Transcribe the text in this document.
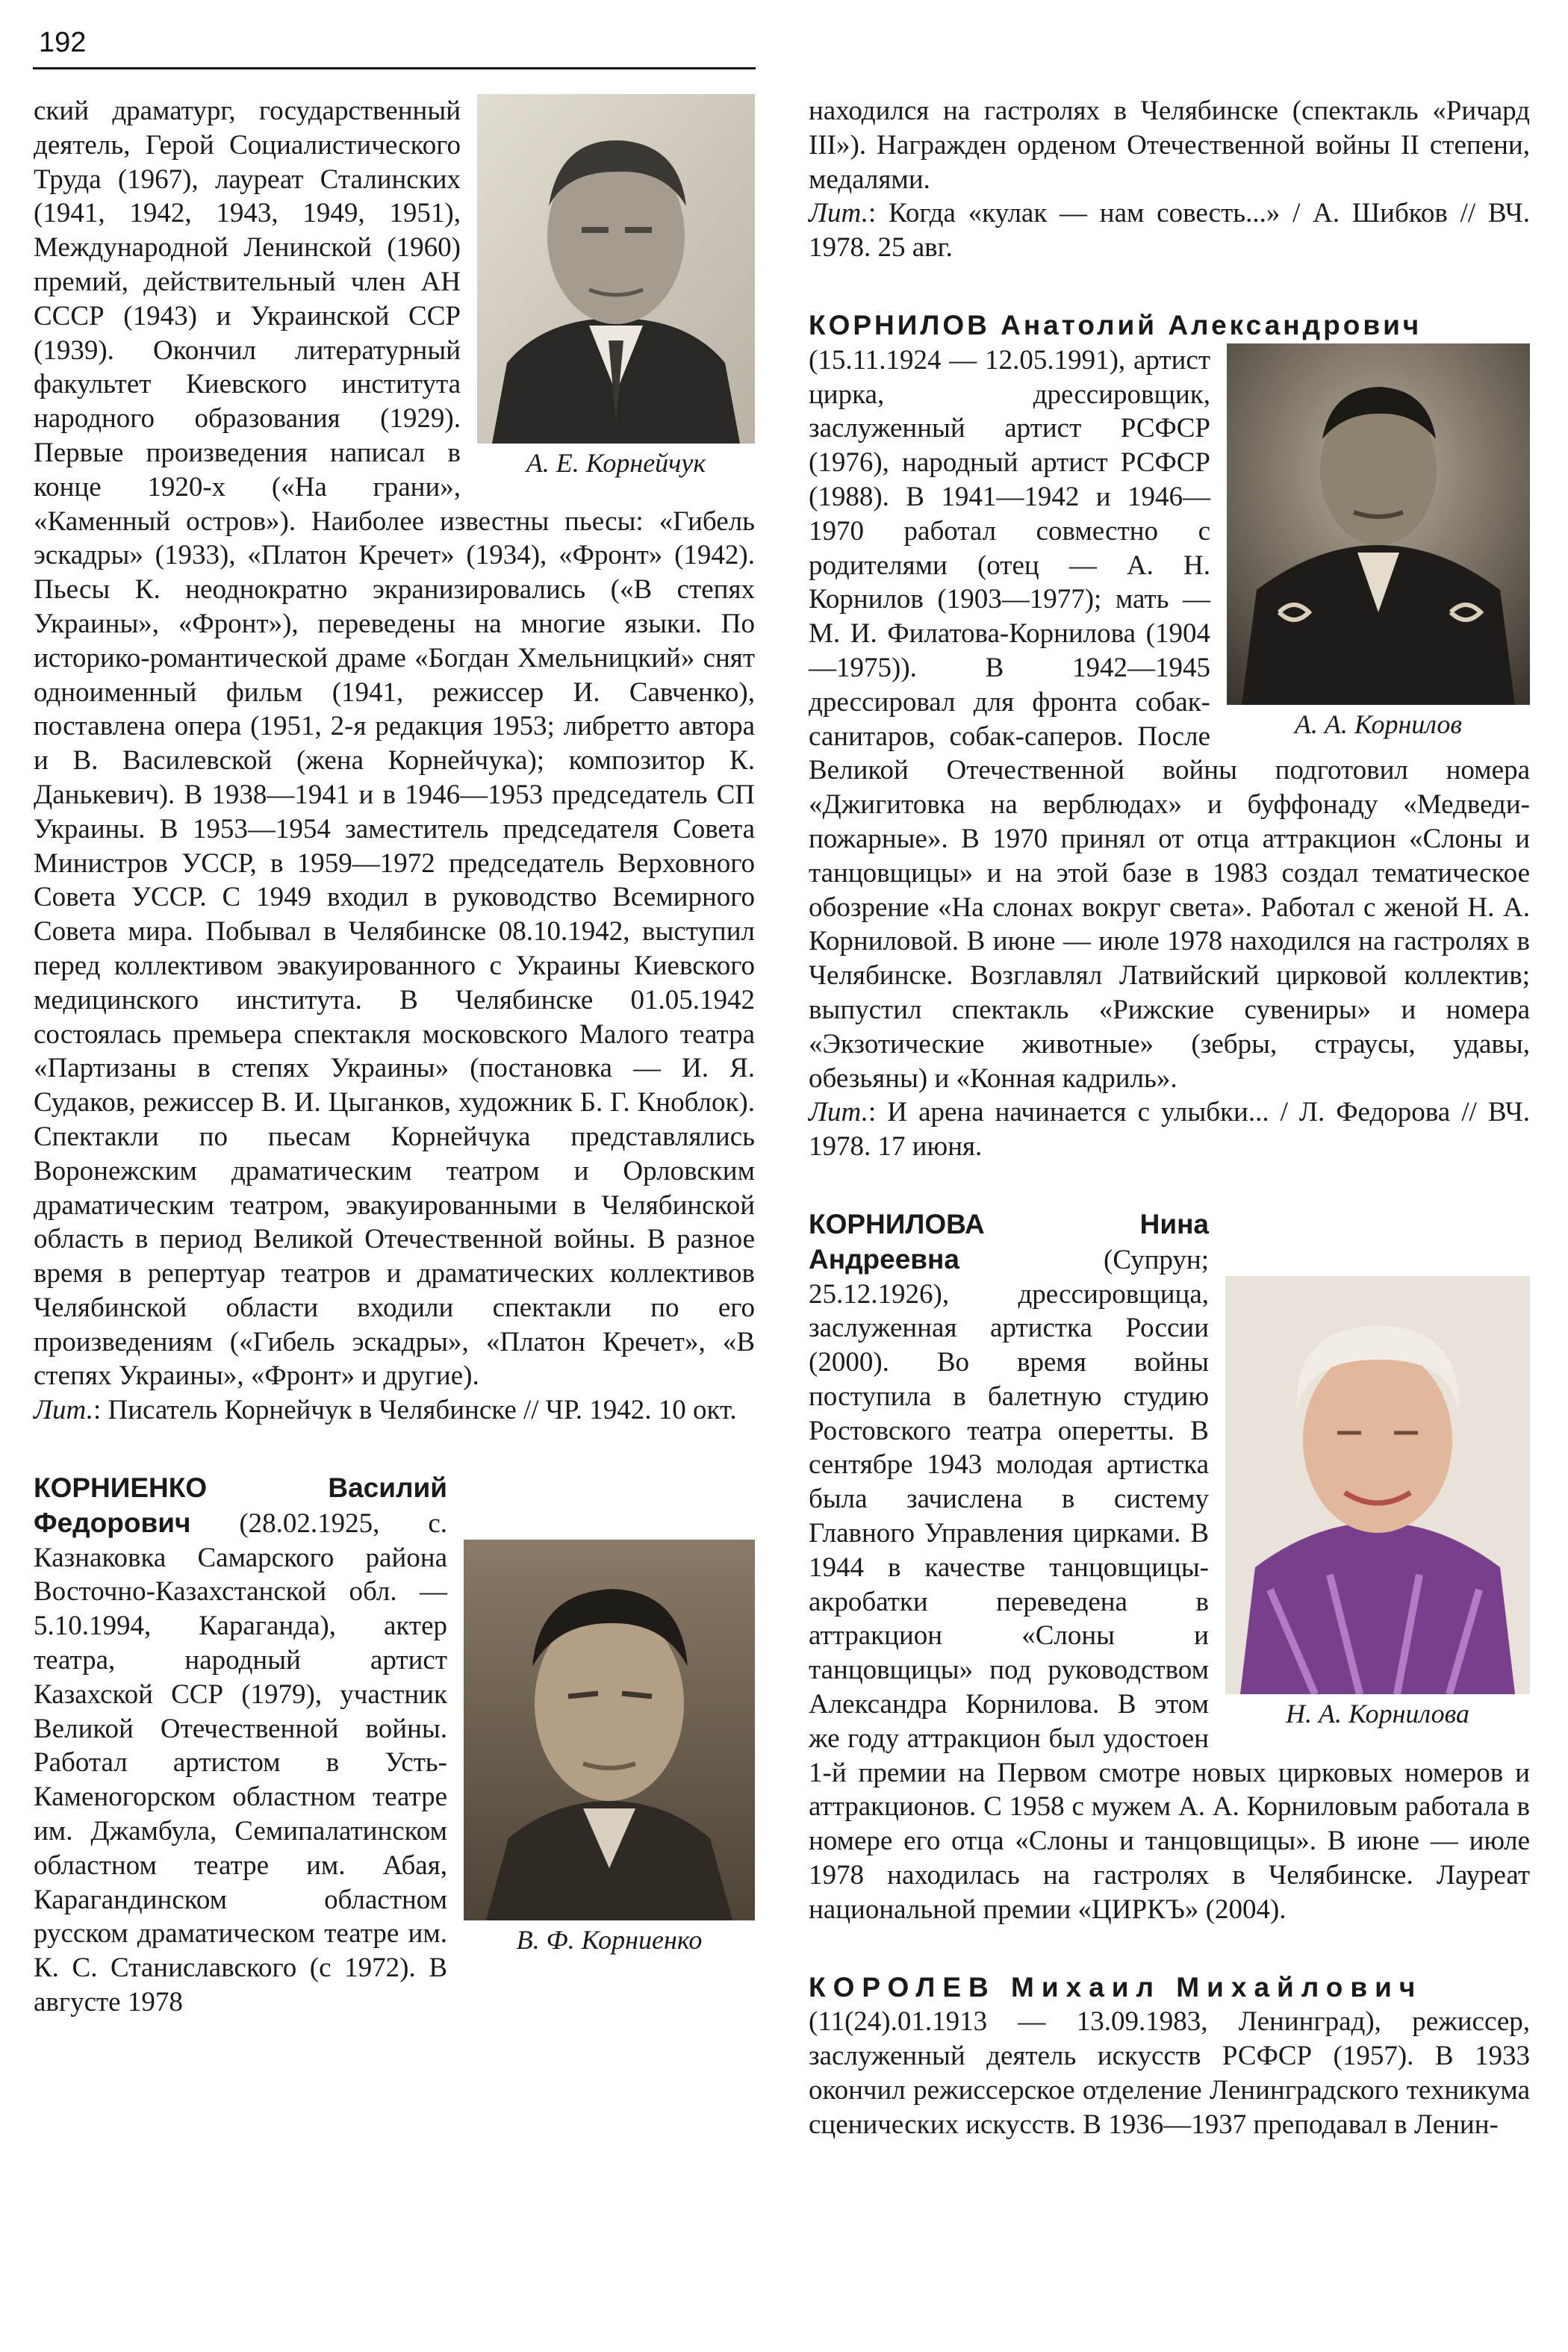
192
А. Е. Корнейчук

ский драматург, государственный деятель, Герой Социалистического Труда (1967), лауреат Сталинских (1941, 1942, 1943, 1949, 1951), Международной Ленинской (1960) премий, действительный член АН СССР (1943) и Украинской ССР (1939). Окончил литературный факультет Киевского института народного образования (1929). Первые произведения написал в конце 1920-х («На грани», «Каменный остров»). Наиболее известны пьесы: «Гибель эскадры» (1933), «Платон Кречет» (1934), «Фронт» (1942). Пьесы К. неоднократно экранизировались («В степях Украины», «Фронт»), переведены на многие языки. По историко-романтической драме «Богдан Хмельницкий» снят одноименный фильм (1941, режиссер И. Савченко), поставлена опера (1951, 2-я редакция 1953; либретто автора и В. Василевской (жена Корнейчука); композитор К. Данькевич). В 1938—1941 и в 1946—1953 председатель СП Украины. В 1953—1954 заместитель председателя Совета Министров УССР, в 1959—1972 председатель Верховного Совета УССР. С 1949 входил в руководство Всемирного Совета мира. Побывал в Челябинске 08.10.1942, выступил перед коллективом эвакуированного с Украины Киевского медицинского института. В Челябинске 01.05.1942 состоялась премьера спектакля московского Малого театра «Партизаны в степях Украины» (постановка — И. Я. Судаков, режиссер В. И. Цыганков, художник Б. Г. Кноблок). Спектакли по пьесам Корнейчука представлялись Воронежским драматическим театром и Орловским драматическим театром, эвакуированными в Челябинской область в период Великой Отечественной войны. В разное время в репертуар театров и драматических коллективов Челябинской области входили спектакли по его произведениям («Гибель эскадры», «Платон Кречет», «В степях Украины», «Фронт» и другие).

Лит.: Писатель Корнейчук в Челябинске // ЧР. 1942. 10 окт.

В. Ф. Корниенко

КОРНИЕНКО Василий Федорович (28.02.1925, с. Казнаковка Самарского района Восточно-Казахстанской обл. — 5.10.1994, Караганда), актер театра, народный артист Казахской ССР (1979), участник Великой Отечественной войны. Работал артистом в Усть-Каменогорском областном театре им. Джамбула, Семипалатинском областном театре им. Абая, Карагандинском областном русском драматическом театре им. К. С. Станиславского (с 1972). В августе 1978

находился на гастролях в Челябинске (спектакль «Ричард III»). Награжден орденом Отечественной войны II степени, медалями.

Лит.: Когда «кулак — нам совесть...» / А. Шибков // ВЧ. 1978. 25 авг.

КОРНИЛОВ Анатолий Александрович

А. А. Корнилов

(15.11.1924 — 12.05.1991), артист цирка, дрессировщик, заслуженный артист РСФСР (1976), народный артист РСФСР (1988). В 1941—1942 и 1946—1970 работал совместно с родителями (отец — А. Н. Корнилов (1903—1977); мать — М. И. Филатова-Корнилова (1904—1975)). В 1942—1945 дрессировал для фронта собак-санитаров, собак-саперов. После Великой Отечественной войны подготовил номера «Джигитовка на верблюдах» и буффонаду «Медведи-пожарные». В 1970 принял от отца аттракцион «Слоны и танцовщицы» и на этой базе в 1983 создал тематическое обозрение «На слонах вокруг света». Работал с женой Н. А. Корниловой. В июне — июле 1978 находился на гастролях в Челябинске. Возглавлял Латвийский цирковой коллектив; выпустил спектакль «Рижские сувениры» и номера «Экзотические животные» (зебры, страусы, удавы, обезьяны) и «Конная кадриль».

Лит.: И арена начинается с улыбки... / Л. Федорова // ВЧ. 1978. 17 июня.

Н. А. Корнилова

КОРНИЛОВА Нина Андреевна (Супрун; 25.12.1926), дрессировщица, заслуженная артистка России (2000). Во время войны поступила в балетную студию Ростовского театра оперетты. В сентябре 1943 молодая артистка была зачислена в систему Главного Управления цирками. В 1944 в качестве танцовщицы-акробатки переведена в аттракцион «Слоны и танцовщицы» под руководством Александра Корнилова. В этом же году аттракцион был удостоен 1-й премии на Первом смотре новых цирковых номеров и аттракционов. С 1958 с мужем А. А. Корниловым работала в номере его отца «Слоны и танцовщицы». В июне — июле 1978 находилась на гастролях в Челябинске. Лауреат национальной премии «ЦИРКЪ» (2004).

КОРОЛЕВ Михаил Михайлович

(11(24).01.1913 — 13.09.1983, Ленинград), режиссер, заслуженный деятель искусств РСФСР (1957). В 1933 окончил режиссерское отделение Ленинградского техникума сценических искусств. В 1936—1937 преподавал в Ленин-
